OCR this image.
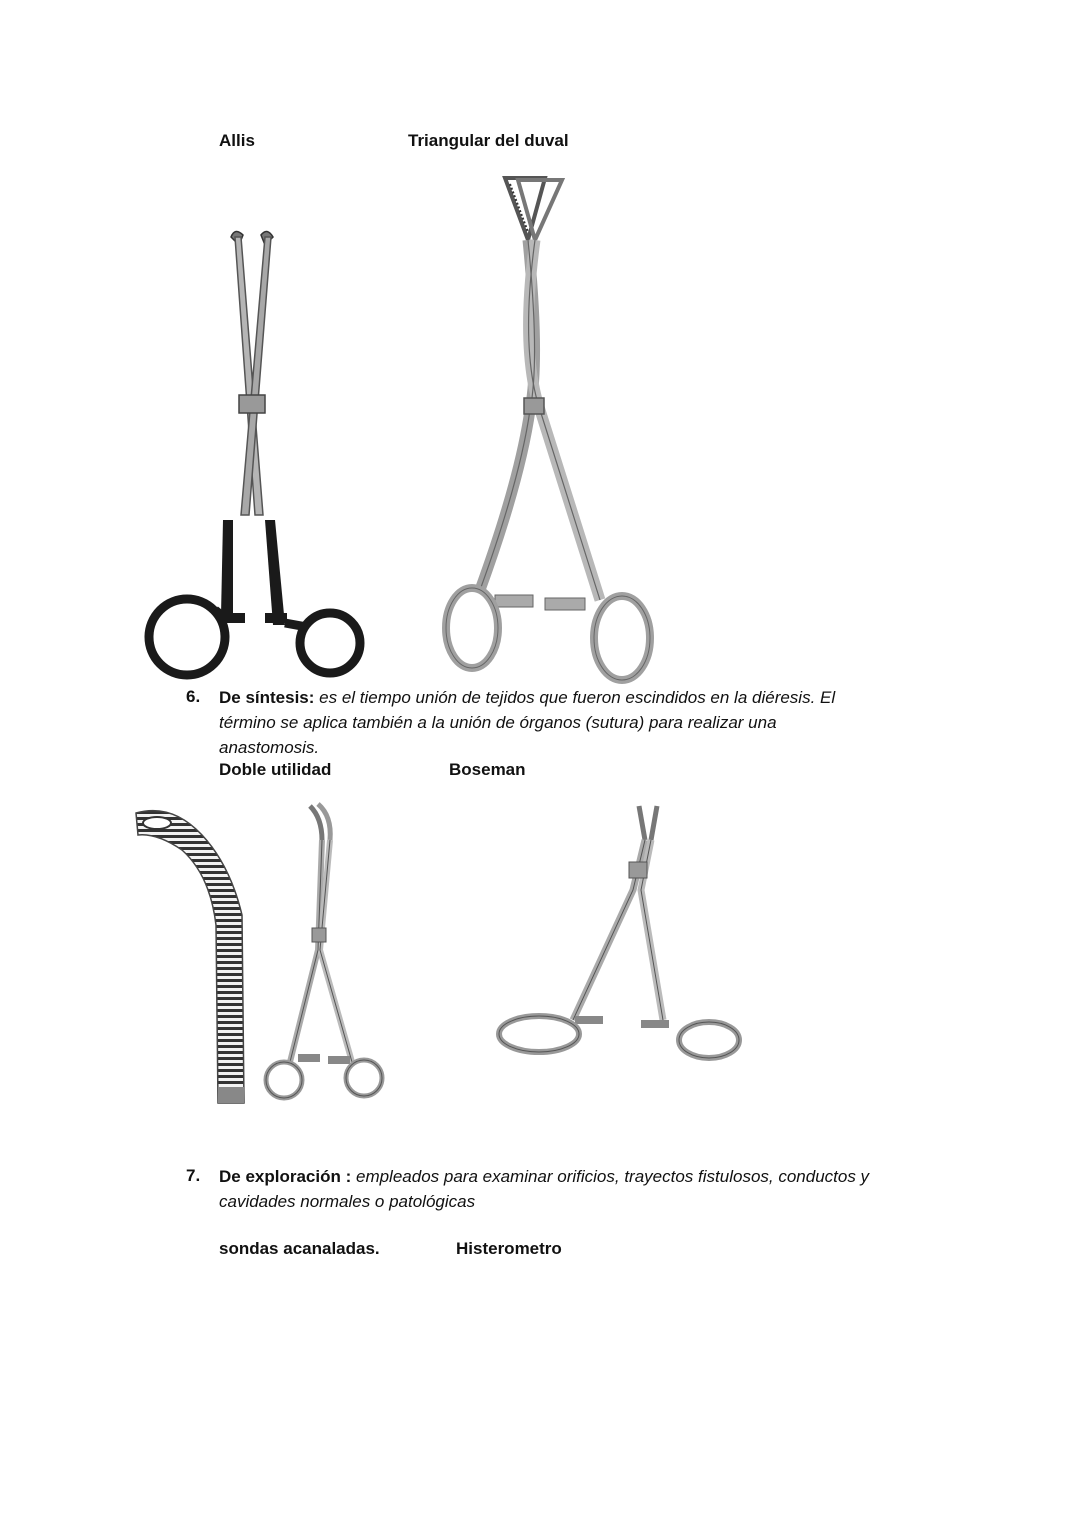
Allis	Triangular del duval
6. De síntesis: es el tiempo unión de tejidos que fueron escindidos en la diéresis. El
término se aplica también a la unión de órganos (sutura) para realizar una
anastomosis.
Doble utilidad	Boseman
7. De exploración : empleados para examinar orificios, trayectos fistulosos, conductos y
cavidades normales o patológicas
sondas acanaladas.	Histerometro
